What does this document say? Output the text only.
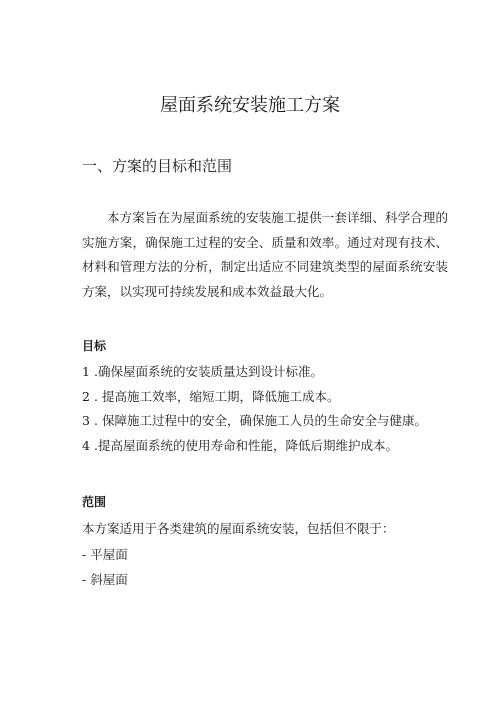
屋面系统安装施工方案
一、方案的目标和范围

本方案旨在为屋面系统的安装施工提供一套详细、科学合理的实施方案，确保施工过程的安全、质量和效率。通过对现有技术、材料和管理方法的分析，制定出适应不同建筑类型的屋面系统安装方案，以实现可持续发展和成本效益最大化。

目标
1 .确保屋面系统的安装质量达到设计标准。
2 . 提高施工效率，缩短工期，降低施工成本。
3 . 保障施工过程中的安全，确保施工人员的生命安全与健康。
4 .提高屋面系统的使用寿命和性能，降低后期维护成本。
范围

本方案适用于各类建筑的屋面系统安装，包括但不限于：

- 平屋面
- 斜屋面
